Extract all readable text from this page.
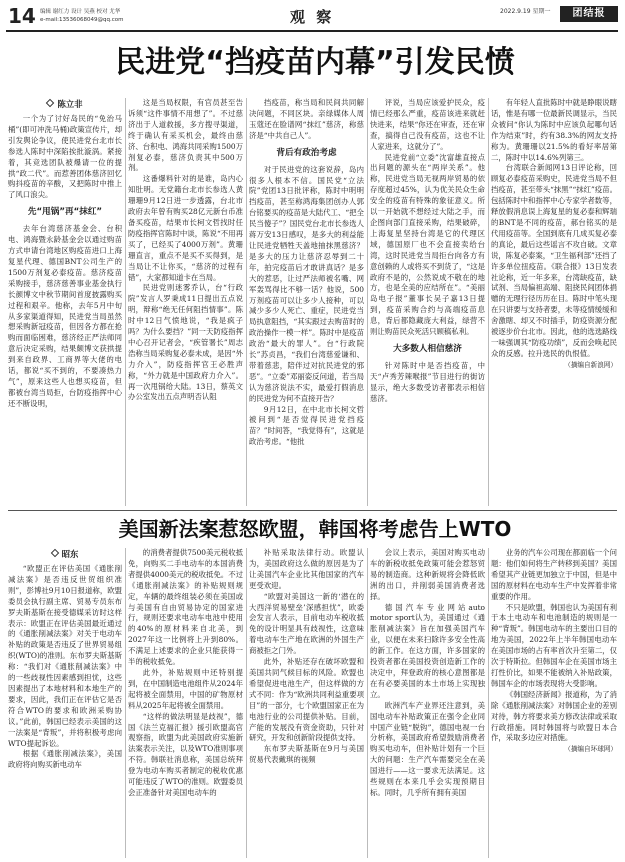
14 编辑 谢红力 设计 吴燕 校对 尤华
e-mail:13536068049@qq.com	观 察	2022.9.19 星期一	团结报
民进党“挡疫苗内幕”引发民愤
陈立非

一个为了讨好岛民的“免治马桶”(即可冲洗马桶)政策宣传片，却引发舆论争议，使民进党台北市长参选人陈时中深陷挨批漩涡。紧接着，其竞选团队被爆请一位的提拱“政二代”。而惹善团体慈济回忆购抖疫苗的辛酸，又把陈时中推上了风口浪尖。

先“甩锅”再“抹红”

去年台湾慈济基金会、台积电、鸿海暨永龄基金会以通过购苗方式申请台湾地区购疫苗进口上海复星代理、德国BNT公司生产的1500万剂复必泰疫苗。慈济疫苗采购接手，慈济慈善事业基金执行长颜博文中秋节期间首度披露购买过程和艰辛。他称，去年5月中旬从多家渠道得知，民进党当局虽然想采购新冠疫苗，但因各方都在抢购而面临困难，慈济经正严法师同意后决定采购，结果颇博文获拱提到来自政界、工商界等大佬的电话，都说“买不到的，不要凑热力气”，原来这些人也想买疫苗，但都被台湾当局拒，台防疫指挥中心还不断设明，

这是当局权限，有官员甚至告诉须“这件事情不用想了”。不过慈济出于人道救援，多方搜寻渠道，终于确认有采买机会，最终由慈济、台积电、鸿海共同采购1500万剂复必泰，慈济负责其中500万剂。

这番爆料针对的是谁，岛内心知肚明。无党籍台北市长参选人黄珊珊9月12日进一步透露，台北市政府去年曾有购买28亿元新台币准备买疫苗，结果市长柯文哲找时任防疫指挥官陈时中谈，陈说“不用再买了，已经买了4000万剂”。黄珊珊直言，重点不是买不买得到，是当局让不让你买，“慈济的过程有错”，大家都知道卡在当局。

民进党则迷雾乔认，台“行政院”发言人罗秉成11日提出五点说明，辩称“绝无任何阻挡情事”。陈时中12日气愤地说，“我是疯子吗？为什么要挡？”同一天防疫指挥中心召开记者会，“疾管署长”周志浩称当局采购复必泰未成，是因“外力介入”，防疫指挥官王必胜声称，“外力就是中国政府力介入”。再一次甩锅给大陆。13日，蔡英文办公室发出五点声明否认阻

挡疫苗，称当局和民间共同解决问题，不同区块。亲绿媒体人周玉蔻还在脸谱网“抹红”慈济，称慈济是“中共自己人”。

背后有政治考虑

对于民进党的这套说辞，岛内很多人根本不信。国民党“立法院”党团13日批评称，陈时中明明挡疫苗，甚至称鸿海集团创办人郭台铭要买的疫苗是大陆代工、“把全民当傻子”？国民党台北市长参选人蒋万安13日感叹，是多大的利益能让民进党牺牲天盖地抽抹黑慈济？是多大的压力让慈济忍辱到二十年，拍完疫苗后才敢讲真话？是多大的惹恶，让过严法师被名嘴、网军轰骂得比不够一话？他说，500万剂疫苗可以让多少人接种，可以减少多少人死亡、重症，民进党当局执意阻挡，“其实跟过去购苗时的政治操作一模一样”。陈时中是疫苗政治“最大的罪人”。台“行政院长”苏贞昌，“我们台湾慈爱谦和、带着慈悲，陪伴过对抗民进党的邪恶”。“立委”邓丽姿反问道，若当局认为慈济说法不实，最爱打假消息的民进党为何不直接开告？

9月12日，在中北市长柯文哲被问到“是否觉得民进党挡疫苗？”时间答，“我觉得有”，这就是政治考虑。“他批

评说，当局应该爱护民众，疫情已经那么严重，疫苗该进来就赶快进来，结果“你还在审查，还在审查，搞得自己没有疫苗，这也不让人家进来，这就分了”。

民进党前“立委”沈富雄直接点出问题的源头在“两岸关系”。他称，民进党当局无视两岸贸易的依存度超过45%，认为优关民众生命安全的疫苗有特殊的象征意义。所以一开始就不想经过大陆之手，而企图向部门直接采购，结果破碎，上海复星坚持台湾是它的代理区域，德国原厂也不会直接卖给台湾，这时民进党当局拒台向各方有意创赖的人或将买不到货了，“这是政府不是的，公然说成不敬在的地方，也是全美的应结所在”。“美丽岛电子报”董事长吴子嘉13日提到，疫苗采购合约与高端疫苗息息，背后都隐藏庞大利益，绿营不则让购苗民众死活只顾稿私利。

大多数人相信慈济

针对陈时中是否挡疫苗，中天“卢秀芳辣喉报”节目进行的街访显示，绝大多数受访者都表示相信慈济。

有年轻人直批陈时中就是睁眼说瞎话，惟是有哪一位最新民调显示，当民众被问“你认为陈时中应该负起哪句话作为结束”时，约有38.3%的网友支持称为。黄珊珊以21.5%的看好率居第二，陈时中以14.6%列第三。

台湾联合新闻网13日评论称，回顾复必泰疫苗采购史，民进党当局不但挡疫苗，甚至带头“抹黑”“抹红”疫苗。包括陈时中和指挥中心专家学者数等，释放假消息误上海复星的复必泰和辉瑞的BNT是不同的疫苗，郝台铭买的是代用疫苗等。全国到底有几成买复必泰的真论，最后这些谣言不攻自破。文章说，陈复必泰案，“卫生福利部”还挡了许多单位扭疫苗。《联合报》13日发表社论称，近一年多来，台湾缺疫苗，缺试剂、当局偏袒高端、阻挠民间团体捐赠的无理行径历历在目。陈时中笔头现在只讲要与支持者要，未等疫情缓缓和舍激瞎、却又不时插手，防疫资源分配被逐步价台北市。因此，他的选选路线一味强调其“防疫功绩”，反而会唤起民众的反感。拉升选民的仇恨值。

（摘编自新浪网）
美国新法案惹怒欧盟，韩国将考虑告上WTO
昭东

“欧盟正在评估美国《通胀削减法案》是否违反世贸组织准则”，彭博社9月10日报道称，欧盟委员会执行副主席、贸易专员东布罗夫斯基斯在接受德媒采访时这样表示：欧盟正在评估美国最近通过的《通胀削减法案》对关于电动车补贴的政策是否违反了世界贸易组织(WTO)的准则。东布罗夫斯基斯称：“我们对《通胀削减法案》中的一些歧视性因素感到担忧，这些因素提出了本地材料和本地生产的要求，因此，我们正在评估它是否符合WTO的要求和欧洲采购协议。”此前，韩国已经表示美国的这一法案是“背叛”，并将积极考虑向WTO提起诉讼。

根据《通胀削减法案》，美国政府将向购买新电动车

的消费者提供7500美元税收抵免，向购买二手电动车的本国消费者提供4000美元的税收抵免。不过《通胀削减法案》的补贴规则规定，车辆的最终组装必须在美国或与美国有自由贸易协定的国家进行，规则还要求电动车电池中使用的40%的原材料来自北美，到2027年这一比例将上升到80%。不满足上述要求的企业只能获得一半的税收抵免。

此外，补贴规则中还特别提到，在中国制造电池组件从2024年起将被全面禁用，中国的矿物原材料从2025年起将被全面禁用。

“这样的做法明显是歧视”，德国《法兰克福汇报》援引欧盟高官观察指，欧盟为此美国政府实施新法案表示关注，以及WTO准则事项不符。韩联社消息称，美国总统拜登为电动车购买者制定的税收优惠可能违反了WTO的准则。欧盟委员会正准备针对美国电动车的

补贴采取法律行动。欧盟认为，美国政府这么做的原因是为了让美国汽车企业比其他国家的汽车更受欢迎。

“欧盟对美国这一新的‘潜在的大西洋贸易壁垒’深感担忧”，欧委会发言人表示，目前电动车税收抵免的设计明显具有歧视性，这意味着电动车生产地在欧洲的外国生产商被拒之门外。

此外，补贴还存在破坏欧盟和美国共同气候目标的风险。欧盟也希望促进电池生产，但这样做的方式不同：作为“欧洲共同利益重要项目”的一部分，七个欧盟国家正在为电池行业的公司提供补贴。目前，产能的发展没有资金资助，只针对研究，开发和创新阶段提供支持。

东布罗夫斯基斯在9月与美国贸易代表戴琪的视频

会议上表示，美国对购买电动车的新税收抵免政策可能会惹怒贸易的制造商。这种新规将会降低欧洲的出口，并削弱美国消费者选择。

德国汽车专业网站auto motor sport认为，美国通过《通胀削减法案》旨在加强美国汽车业，以便在未来扫除许多安全性高的新工作。在这方面，许多国家的投资者都在美国投资创造新工作的决定中，拜登政府的核心意图都是在有必要美国的本土市场上实现独立。

欧洲汽车产业界还注意到，美国电动车补贴政策正在强令企业同中国产业链“脱钩”，德国电视一台分析称，美国政府希望鼓励消费者购买电动车，但补贴计划有一个巨大的问题：生产汽车需要完全在美国进行——这一要求无法满足。这些规则在本来几乎会实现预期目标。同时，几乎所有拥有美国

业务的汽车公司现在都面临一个问题：他们如何将生产转移到美国？美国希望其产业链更加独立于中国，但是中国的原材料在电动车生产中发挥着非常重要的作用。

不只是欧盟，韩国也认为美国有利于本土电动车和电池制造的规则是一种“背叛”。韩国电动车的主要出口目的地为美国，2022年上半年韩国电动车在美国市场的占有率首次升至第二，仅次于特斯拉。但韩国车企在美国市场主打性价比，如果不能被纳入补贴政策，韩国车企的市场表现将大受影响。

《韩国经济新闻》报道称，为了消除《通胀削减法案》对韩国企业的差别对待，韩方将要求美方修改法律或采取行政措施。同时韩国将与欧盟日本合作，采取多边应对措施。

（摘编自环球网）
